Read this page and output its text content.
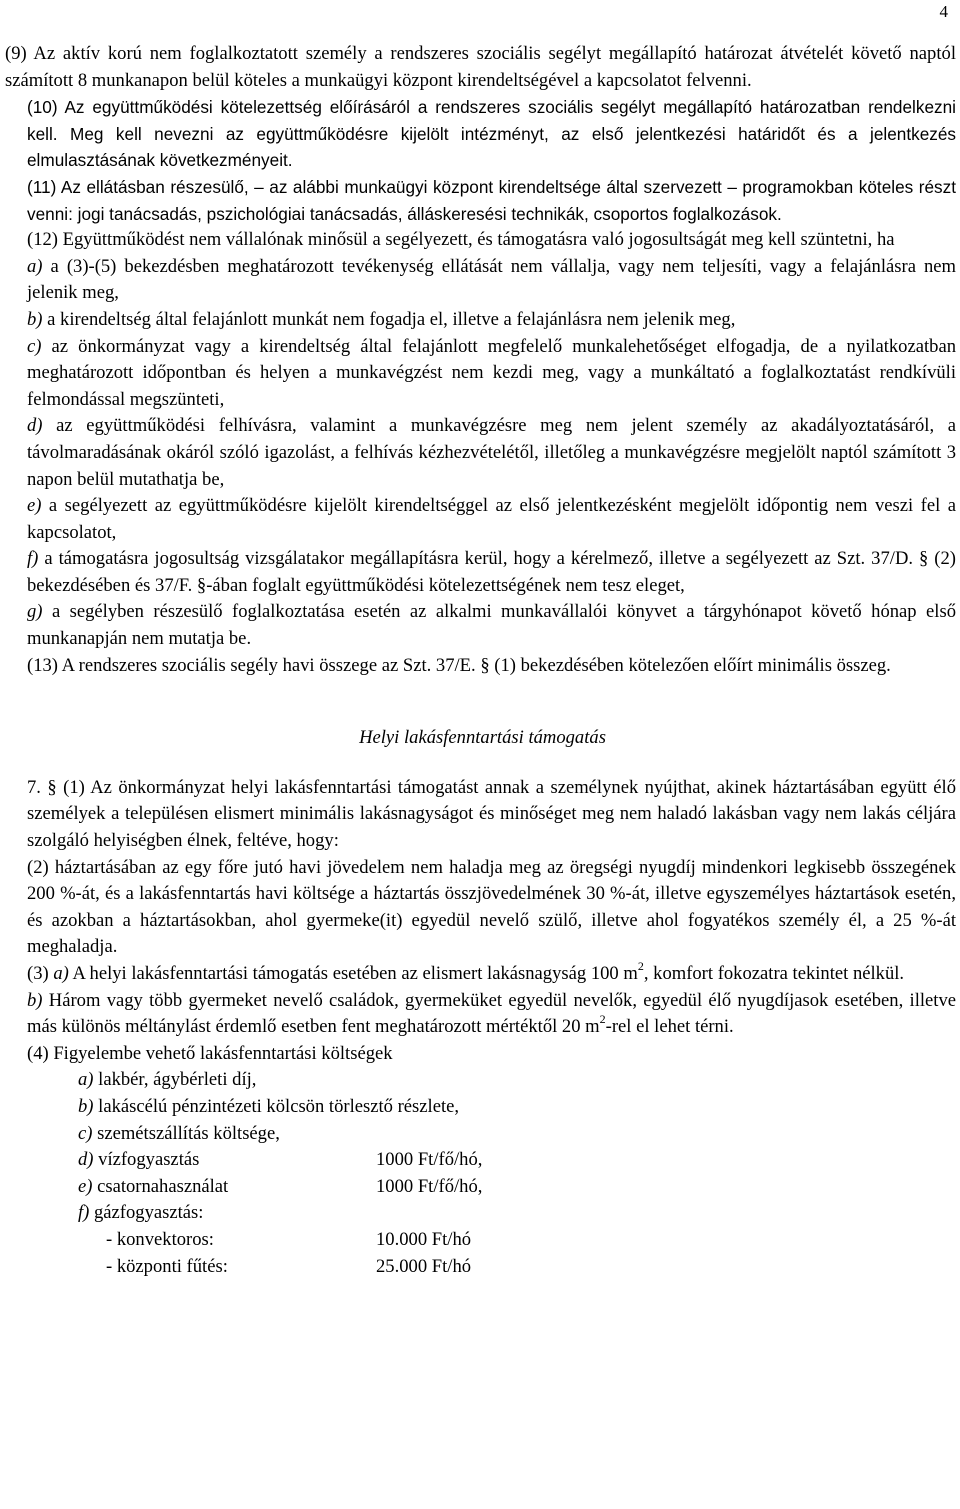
4

(9) Az aktív korú nem foglalkoztatott személy a rendszeres szociális segélyt megállapító határozat átvételét követő naptól számított 8 munkanapon belül köteles a munkaügyi központ kirendeltségével a kapcsolatot felvenni.

(10) Az együttműködési kötelezettség előírásáról a rendszeres szociális segélyt megállapító határozatban rendelkezni kell. Meg kell nevezni az együttműködésre kijelölt intézményt, az első jelentkezési határidőt és a jelentkezés elmulasztásának következményeit.

(11) Az ellátásban részesülő, – az alábbi munkaügyi központ kirendeltsége által szervezett – programokban köteles részt venni: jogi tanácsadás, pszichológiai tanácsadás, álláskeresési technikák, csoportos foglalkozások.

(12) Együttműködést nem vállalónak minősül a segélyezett, és támogatásra való jogosultságát meg kell szüntetni, ha

a) a (3)-(5) bekezdésben meghatározott tevékenység ellátását nem vállalja, vagy nem teljesíti, vagy a felajánlásra nem jelenik meg,

b) a kirendeltség által felajánlott munkát nem fogadja el, illetve a felajánlásra nem jelenik meg,

c) az önkormányzat vagy a kirendeltség által felajánlott megfelelő munkalehetőséget elfogadja, de a nyilatkozatban meghatározott időpontban és helyen a munkavégzést nem kezdi meg, vagy a munkáltató a foglalkoztatást rendkívüli felmondással megszünteti,

d) az együttműködési felhívásra, valamint a munkavégzésre meg nem jelent személy az akadályoztatásáról, a távolmaradásának okáról szóló igazolást, a felhívás kézhezvételétől, illetőleg a munkavégzésre megjelölt naptól számított 3 napon belül mutathatja be,

e) a segélyezett az együttműködésre kijelölt kirendeltséggel az első jelentkezésként megjelölt időpontig nem veszi fel a kapcsolatot,

f) a támogatásra jogosultság vizsgálatakor megállapításra kerül, hogy a kérelmező, illetve a segélyezett az Szt. 37/D. § (2) bekezdésében és 37/F. §-ában foglalt együttműködési kötelezettségének nem tesz eleget,

g) a segélyben részesülő foglalkoztatása esetén az alkalmi munkavállalói könyvet a tárgyhónapot követő hónap első munkanapján nem mutatja be.

(13) A rendszeres szociális segély havi összege az Szt. 37/E. § (1) bekezdésében kötelezően előírt minimális összeg.

Helyi lakásfenntartási támogatás

7. § (1) Az önkormányzat helyi lakásfenntartási támogatást annak a személynek nyújthat, akinek háztartásában együtt élő személyek a településen elismert minimális lakásnagyságot és minőséget meg nem haladó lakásban vagy nem lakás céljára szolgáló helyiségben élnek, feltéve, hogy:

(2) háztartásában az egy főre jutó havi jövedelem nem haladja meg az öregségi nyugdíj mindenkori legkisebb összegének 200 %-át, és a lakásfenntartás havi költsége a háztartás összjövedelmének 30 %-át, illetve egyszemélyes háztartások esetén, és azokban a háztartásokban, ahol gyermeke(it) egyedül nevelő szülő, illetve ahol fogyatékos személy él, a 25 %-át meghaladja.

(3) a) A helyi lakásfenntartási támogatás esetében az elismert lakásnagyság 100 $m^2$, komfort fokozatra tekintet nélkül.

b) Három vagy több gyermeket nevelő családok, gyermeküket egyedül nevelők, egyedül élő nyugdíjasok esetében, illetve más különös méltánylást érdemlő esetben fent meghatározott mértéktől 20 $m^2$-rel el lehet térni.

(4) Figyelembe vehető lakásfenntartási költségek

a) lakbér, ágybérleti díj,
b) lakáscélú pénzintézeti kölcsön törlesztő részlete,
c) szemétszállítás költsége,
d) vízfogyasztás	1000 Ft/fő/hó,
e) csatornahasználat	1000 Ft/fő/hó,
f) gázfogyasztás:
- konvektoros:	10.000 Ft/hó
- központi fűtés:	25.000 Ft/hó
